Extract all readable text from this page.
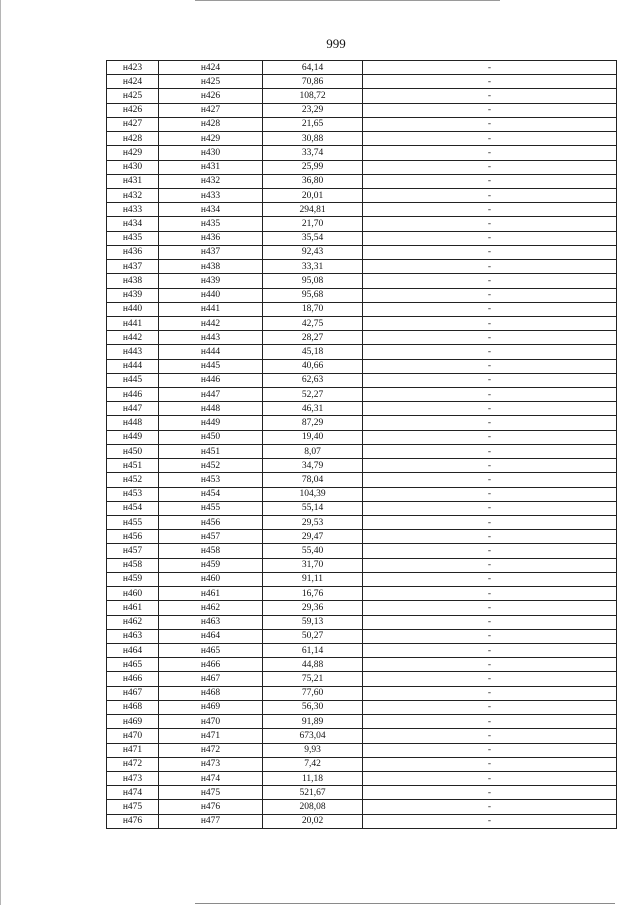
999
н423	н424	64,14	-
н424	н425	70,86	-
н425	н426	108,72	-
н426	н427	23,29	-
н427	н428	21,65	-
н428	н429	30,88	-
н429	н430	33,74	-
н430	н431	25,99	-
н431	н432	36,80	-
н432	н433	20,01	-
н433	н434	294,81	-
н434	н435	21,70	-
н435	н436	35,54	-
н436	н437	92,43	-
н437	н438	33,31	-
н438	н439	95,08	-
н439	н440	95,68	-
н440	н441	18,70	-
н441	н442	42,75	-
н442	н443	28,27	-
н443	н444	45,18	-
н444	н445	40,66	-
н445	н446	62,63	-
н446	н447	52,27	-
н447	н448	46,31	-
н448	н449	87,29	-
н449	н450	19,40	-
н450	н451	8,07	-
н451	н452	34,79	-
н452	н453	78,04	-
н453	н454	104,39	-
н454	н455	55,14	-
н455	н456	29,53	-
н456	н457	29,47	-
н457	н458	55,40	-
н458	н459	31,70	-
н459	н460	91,11	-
н460	н461	16,76	-
н461	н462	29,36	-
н462	н463	59,13	-
н463	н464	50,27	-
н464	н465	61,14	-
н465	н466	44,88	-
н466	н467	75,21	-
н467	н468	77,60	-
н468	н469	56,30	-
н469	н470	91,89	-
н470	н471	673,04	-
н471	н472	9,93	-
н472	н473	7,42	-
н473	н474	11,18	-
н474	н475	521,67	-
н475	н476	208,08	-
н476	н477	20,02	-
